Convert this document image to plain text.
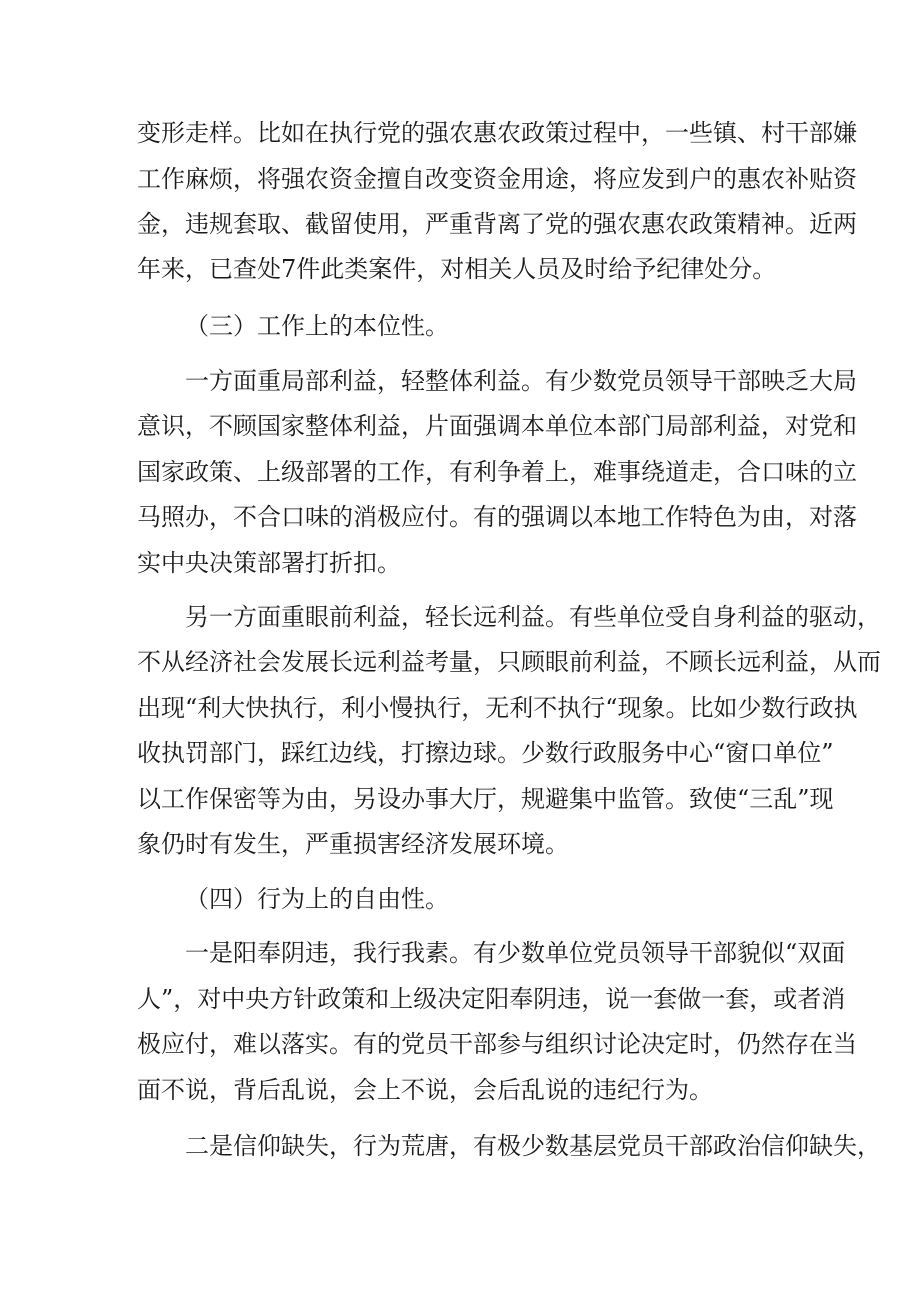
变形走样。比如在执行党的强农惠农政策过程中，一些镇、村干部嫌
工作麻烦，将强农资金擅自改变资金用途，将应发到户的惠农补贴资
金，违规套取、截留使用，严重背离了党的强农惠农政策精神。近两
年来，已查处7件此类案件，对相关人员及时给予纪律处分。
（三）工作上的本位性。
一方面重局部利益，轻整体利益。有少数党员领导干部映乏大局
意识，不顾国家整体利益，片面强调本单位本部门局部利益，对党和
国家政策、上级部署的工作，有利争着上，难事绕道走，合口味的立
马照办，不合口味的消极应付。有的强调以本地工作特色为由，对落
实中央决策部署打折扣。
另一方面重眼前利益，轻长远利益。有些单位受自身利益的驱动，
不从经济社会发展长远利益考量，只顾眼前利益，不顾长远利益，从而
出现“利大快执行，利小慢执行，无利不执行“现象。比如少数行政执
收执罚部门，踩红边线，打擦边球。少数行政服务中心“窗口单位”
以工作保密等为由，另设办事大厅，规避集中监管。致使“三乱”现
象仍时有发生，严重损害经济发展环境。
（四）行为上的自由性。
一是阳奉阴违，我行我素。有少数单位党员领导干部貌似“双面
人”，对中央方针政策和上级决定阳奉阴违，说一套做一套，或者消
极应付，难以落实。有的党员干部参与组织讨论决定时，仍然存在当
面不说，背后乱说，会上不说，会后乱说的违纪行为。
二是信仰缺失，行为荒唐，有极少数基层党员干部政治信仰缺失，
